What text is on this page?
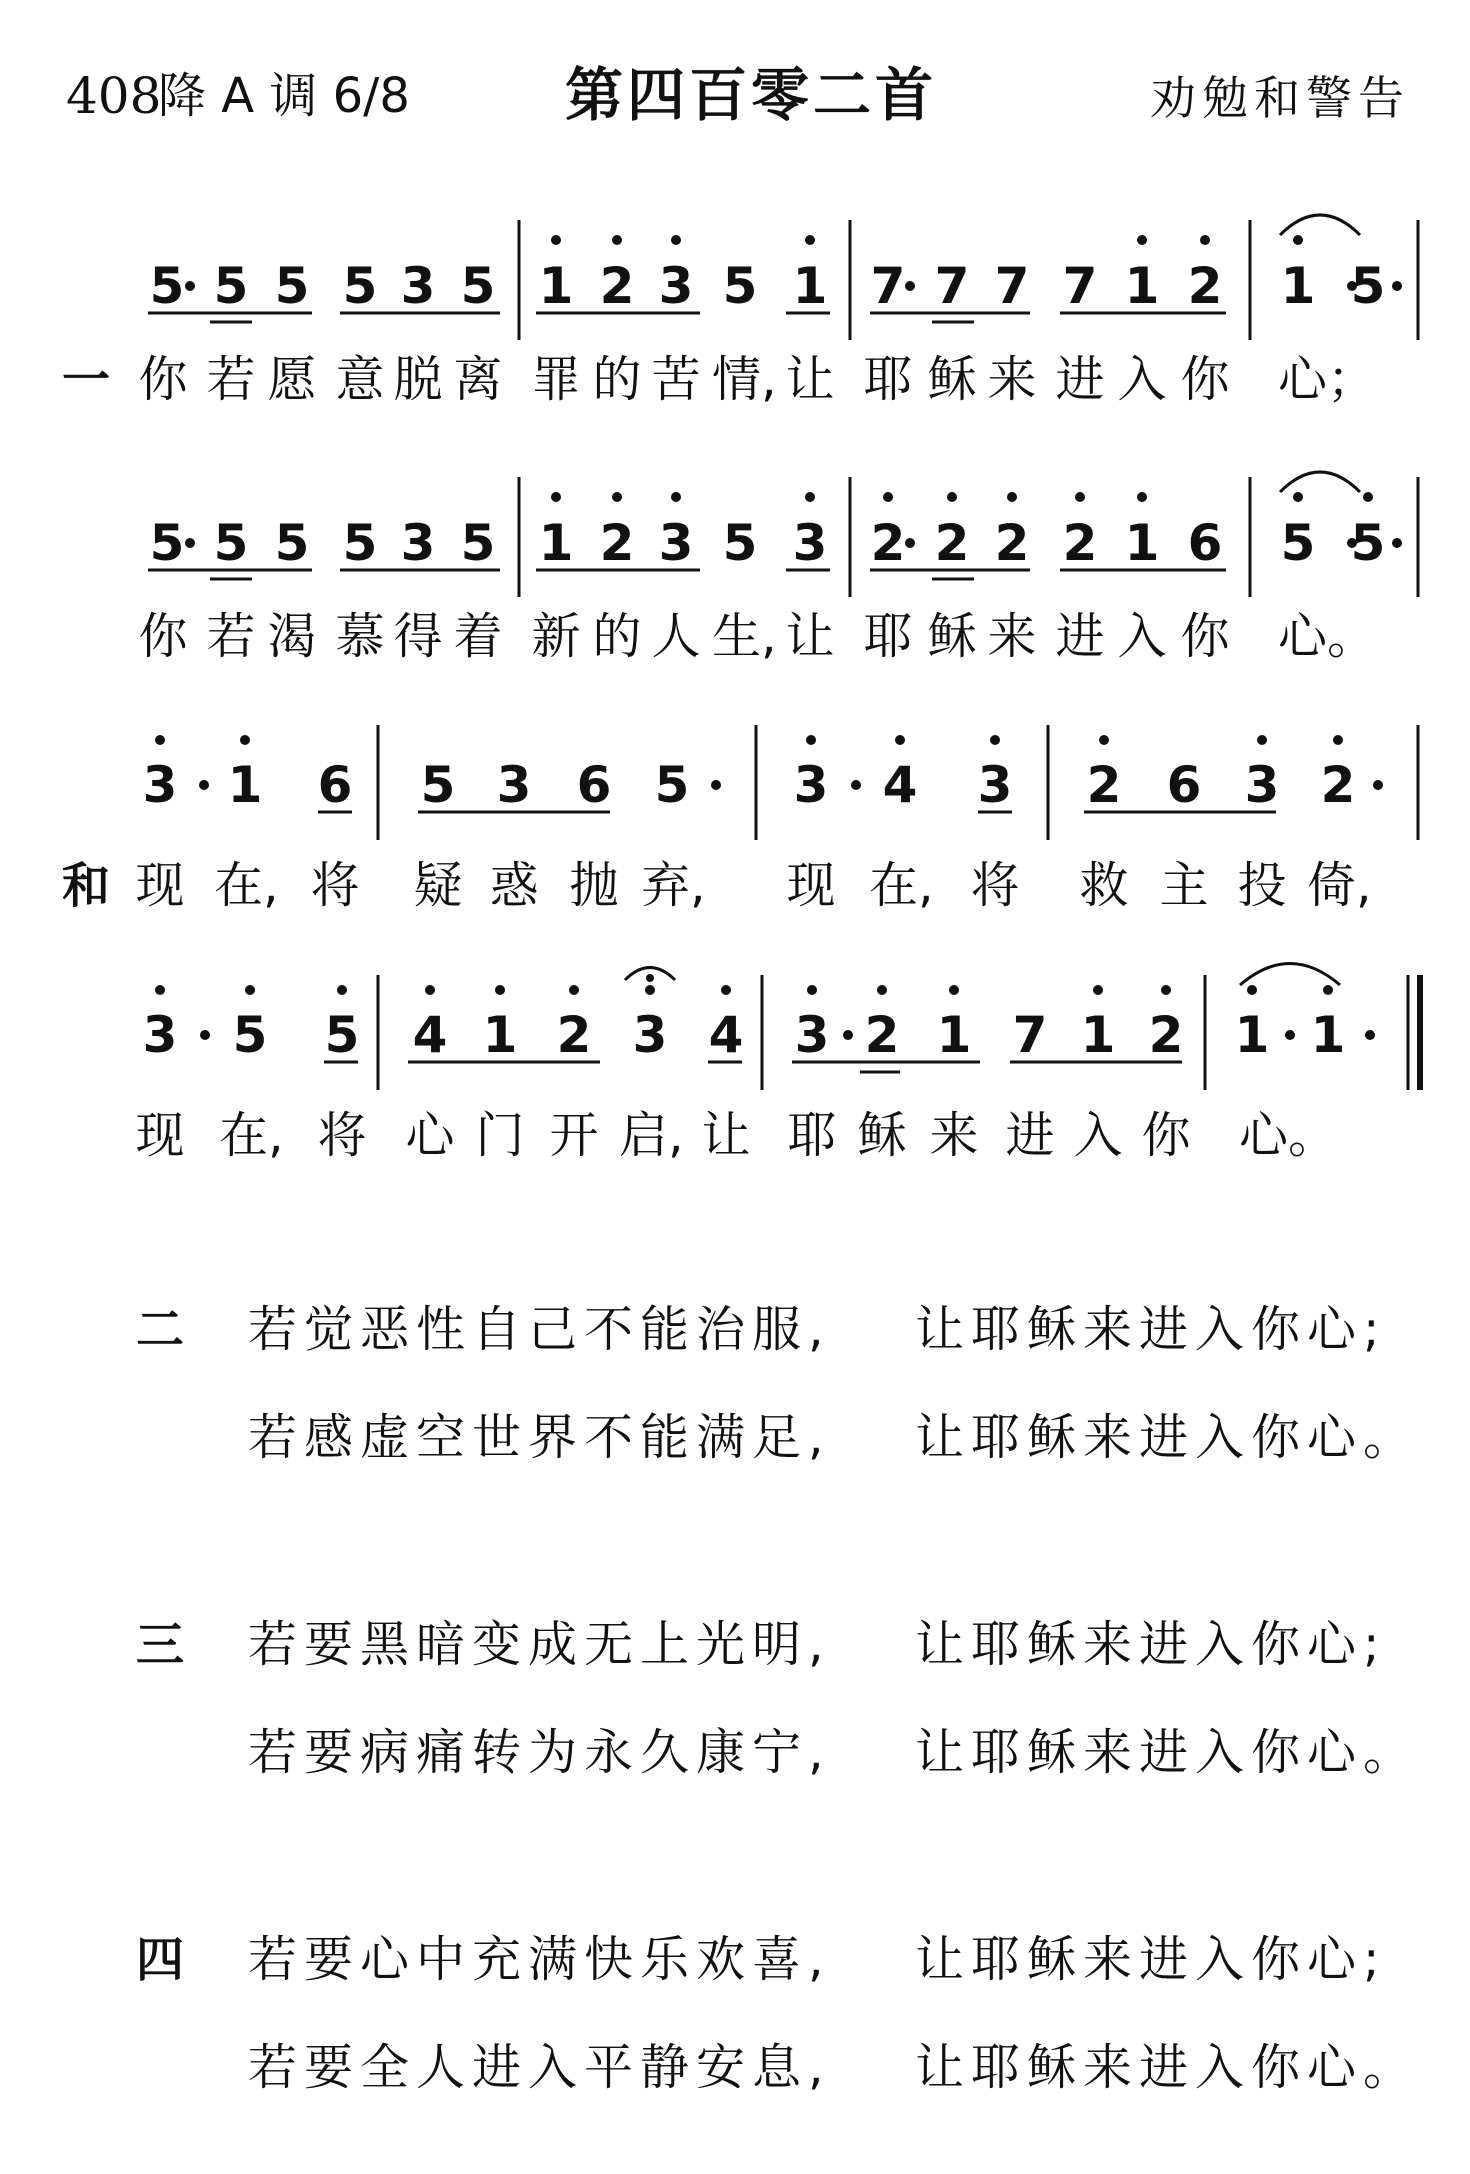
408
降 A 调 6/8	第四百零二首	劝勉和警告
5 5 5 5 3 5 1 2 3 5 1 7 7 7 7 1 2 1 5
5 5 5 5 3 5 1 2 3 5 3 2 2 2 2 1 6 5 5
3 1 6 5 3 6 5 3 4 3 2 6 3 2
3 5 5 4 1 2 3 4 3 2 1 7 1 2 1 1
一 你 若 愿 意 脱 离 罪 的 苦 情, 让 耶 稣 来 进 入 你 心；
你 若 渴 慕 得 着 新 的 人 生, 让 耶 稣 来 进 入 你 心。
和 现 在, 将 疑 惑 抛 弃, 现 在, 将 救 主 投 倚,
现 在, 将 心 门 开 启, 让 耶 稣 来 进 入 你 心。
二 若觉恶性自己不能治服, 让耶稣来进入你心;
若感虚空世界不能满足, 让耶稣来进入你心。
三 若要黑暗变成无上光明, 让耶稣来进入你心;
若要病痛转为永久康宁, 让耶稣来进入你心。
四 若要心中充满快乐欢喜, 让耶稣来进入你心;
若要全人进入平静安息, 让耶稣来进入你心。
